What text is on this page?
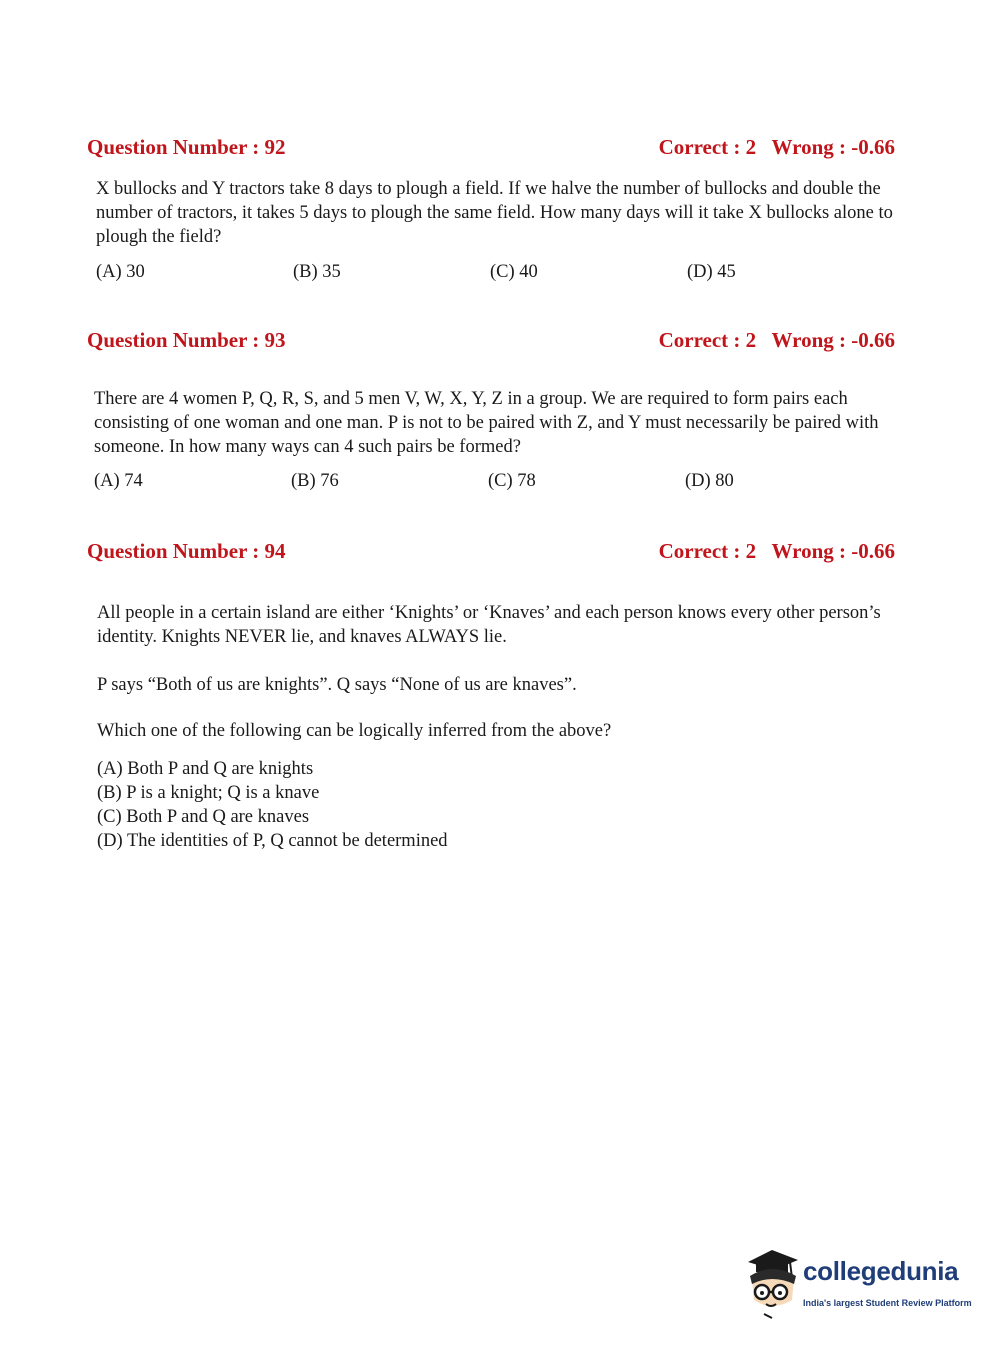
Question Number : 92	Correct : 2 Wrong : -0.66
X bullocks and Y tractors take 8 days to plough a field. If we halve the number of bullocks and double the number of tractors, it takes 5 days to plough the same field. How many days will it take X bullocks alone to plough the field?
(A) 30	(B) 35	(C) 40	(D) 45
Question Number : 93	Correct : 2 Wrong : -0.66
There are 4 women P, Q, R, S, and 5 men V, W, X, Y, Z in a group. We are required to form pairs each consisting of one woman and one man. P is not to be paired with Z, and Y must necessarily be paired with someone. In how many ways can 4 such pairs be formed?
(A) 74	(B) 76	(C) 78	(D) 80
Question Number : 94	Correct : 2 Wrong : -0.66
All people in a certain island are either ‘Knights’ or ‘Knaves’ and each person knows every other person’s identity. Knights NEVER lie, and knaves ALWAYS lie.
P says “Both of us are knights”. Q says “None of us are knaves”.
Which one of the following can be logically inferred from the above?
(A) Both P and Q are knights
(B) P is a knight; Q is a knave
(C) Both P and Q are knaves
(D) The identities of P, Q cannot be determined
collegedunia
India's largest Student Review Platform
